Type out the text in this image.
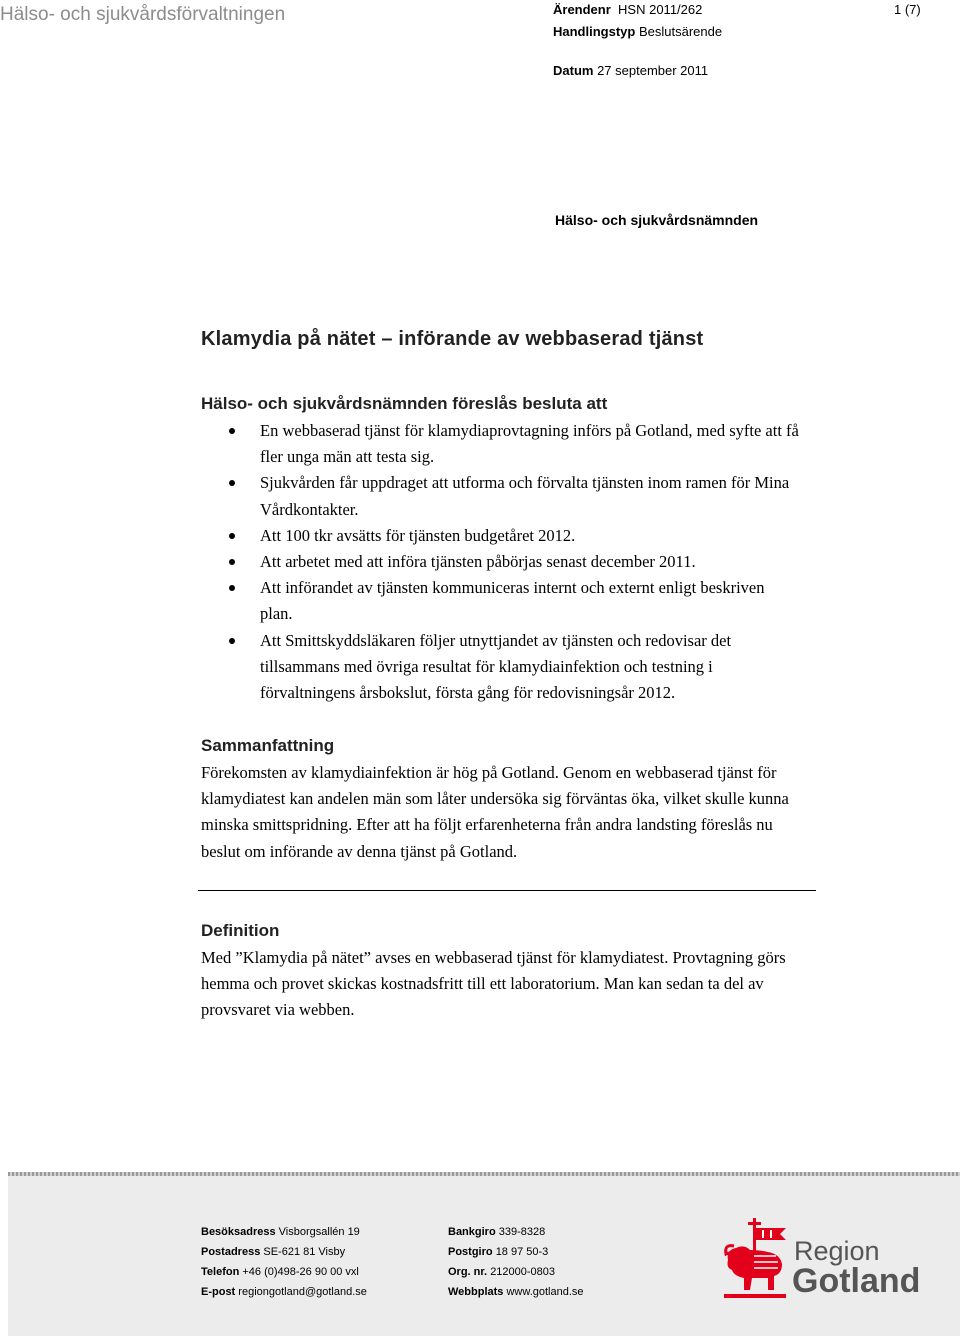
Hälso- och sjukvårdsförvaltningen	Ärendenr HSN 2011/262
Handlingstyp Beslutsärende
Datum 27 september 2011
1 (7)
Hälso- och sjukvårdsnämnden
Klamydia på nätet – införande av webbaserad tjänst
Hälso- och sjukvårdsnämnden föreslås besluta att
En webbaserad tjänst för klamydiaprovtagning införs på Gotland, med syfte att få fler unga män att testa sig.
Sjukvården får uppdraget att utforma och förvalta tjänsten inom ramen för Mina Vårdkontakter.
Att 100 tkr avsätts för tjänsten budgetåret 2012.
Att arbetet med att införa tjänsten påbörjas senast december 2011.
Att införandet av tjänsten kommuniceras internt och externt enligt beskriven plan.
Att Smittskyddsläkaren följer utnyttjandet av tjänsten och redovisar det tillsammans med övriga resultat för klamydiainfektion och testning i förvaltningens årsbokslut, första gång för redovisningsår 2012.
Sammanfattning
Förekomsten av klamydiainfektion är hög på Gotland. Genom en webbaserad tjänst för klamydiatest kan andelen män som låter undersöka sig förväntas öka, vilket skulle kunna minska smittspridning. Efter att ha följt erfarenheterna från andra landsting föreslås nu beslut om införande av denna tjänst på Gotland.
Definition
Med ”Klamydia på nätet” avses en webbaserad tjänst för klamydiatest. Provtagning görs hemma och provet skickas kostnadsfritt till ett laboratorium. Man kan sedan ta del av provsvaret via webben.
Besöksadress Visborgsallén 19
Postadress SE-621 81 Visby
Telefon +46 (0)498-26 90 00 vxl
E-post regiongotland@gotland.se
Bankgiro 339-8328
Postgiro 18 97 50-3
Org. nr. 212000-0803
Webbplats www.gotland.se
Region
Gotland
